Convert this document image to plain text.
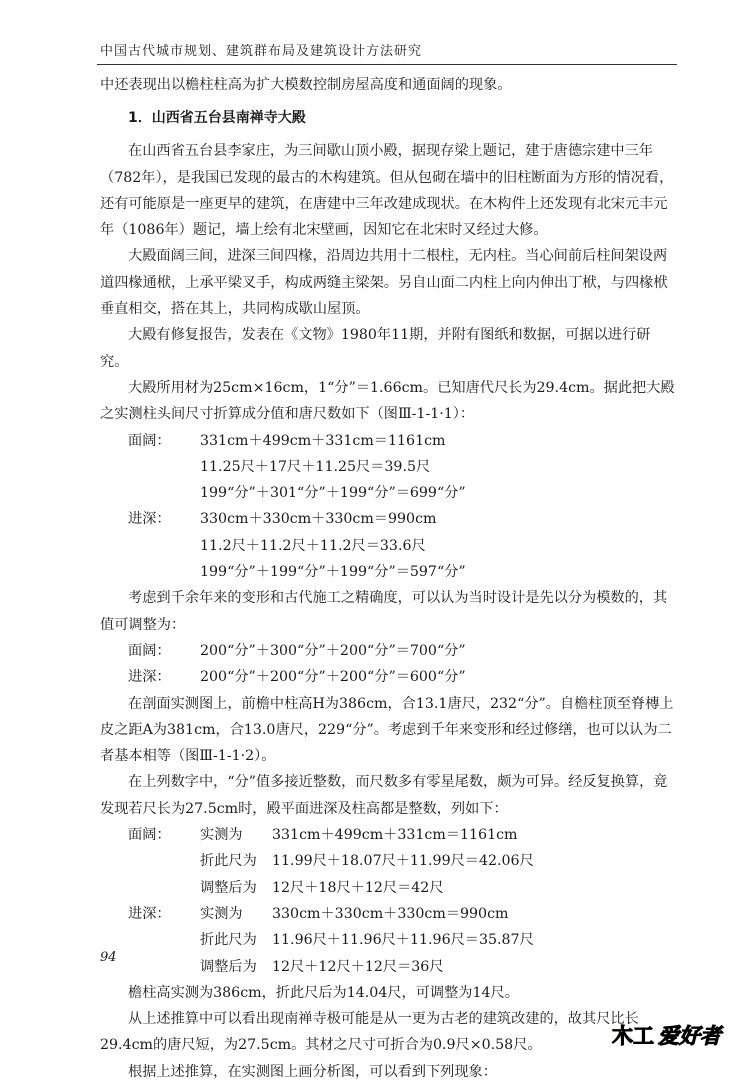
中国古代城市规划、建筑群布局及建筑设计方法研究

中还表现出以檐柱柱高为扩大模数控制房屋高度和通面阔的现象。

1．山西省五台县南禅寺大殿

在山西省五台县李家庄，为三间歇山顶小殿，据现存梁上题记，建于唐德宗建中三年（782年），是我国已发现的最古的木构建筑。但从包砌在墙中的旧柱断面为方形的情况看，还有可能原是一座更早的建筑，在唐建中三年改建成现状。在木构件上还发现有北宋元丰元年（1086年）题记，墙上绘有北宋壁画，因知它在北宋时又经过大修。

大殿面阔三间，进深三间四椽，沿周边共用十二根柱，无内柱。当心间前后柱间架设两道四椽通栿，上承平梁叉手，构成两缝主梁架。另自山面二内柱上向内伸出丁栿，与四椽栿垂直相交，搭在其上，共同构成歇山屋顶。

大殿有修复报告，发表在《文物》1980年11期，并附有图纸和数据，可据以进行研究。

大殿所用材为25cm×16cm，1“分”＝1.66cm。已知唐代尺长为29.4cm。据此把大殿之实测柱头间尺寸折算成分值和唐尺数如下（图Ⅲ-1-1·1）：

面阔：	331cm＋499cm＋331cm＝1161cm
11.25尺＋17尺＋11.25尺＝39.5尺
199“分”＋301“分”＋199“分”＝699“分”
进深：	330cm＋330cm＋330cm＝990cm
11.2尺＋11.2尺＋11.2尺＝33.6尺
199“分”＋199“分”＋199“分”＝597“分”

考虑到千余年来的变形和古代施工之精确度，可以认为当时设计是先以分为模数的，其值可调整为：

面阔：	200“分”＋300“分”＋200“分”＝700“分”
进深：	200“分”＋200“分”＋200“分”＝600“分”

在剖面实测图上，前檐中柱高H为386cm，合13.1唐尺，232“分”。自檐柱顶至脊槫上皮之距A为381cm，合13.0唐尺，229“分”。考虑到千年来变形和经过修缮，也可以认为二者基本相等（图Ⅲ-1-1·2）。

在上列数字中，“分”值多接近整数，而尺数多有零星尾数，颇为可异。经反复换算，竟发现若尺长为27.5cm时，殿平面进深及柱高都是整数，列如下：

面阔：	实测为	331cm＋499cm＋331cm＝1161cm
折此尺为	11.99尺＋18.07尺＋11.99尺＝42.06尺
调整后为	12尺＋18尺＋12尺＝42尺
进深：	实测为	330cm＋330cm＋330cm＝990cm
折此尺为	11.96尺＋11.96尺＋11.96尺＝35.87尺
调整后为	12尺＋12尺＋12尺＝36尺

檐柱高实测为386cm，折此尺后为14.04尺，可调整为14尺。

从上述推算中可以看出现南禅寺极可能是从一更为古老的建筑改建的，故其尺比长29.4cm的唐尺短，为27.5cm。其材之尺寸可折合为0.9尺×0.58尺。

根据上述推算，在实测图上画分析图，可以看到下列现象：

94
木工 爱好者
